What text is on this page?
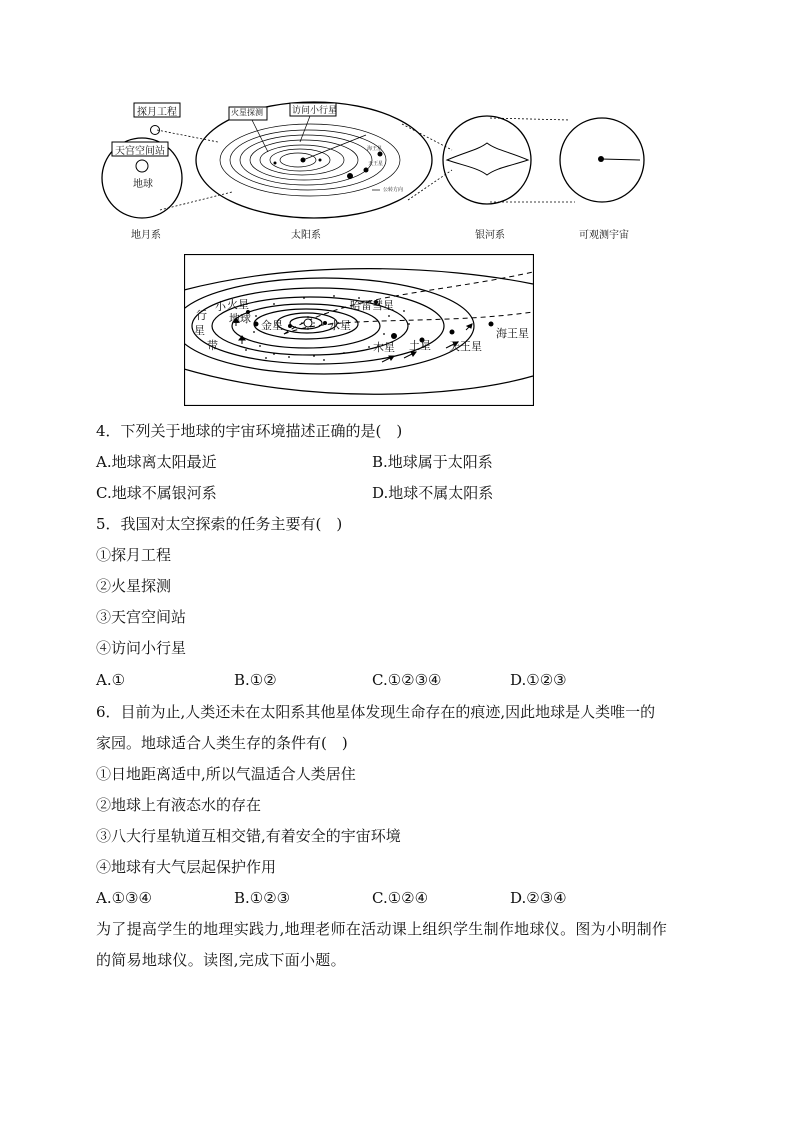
探月工程
天宫空间站
地球
火星探测	访问小行星
海王星
天王星
公转方向
地月系	太阳系	银河系	可观测宇宙
小
行
星
带
火星
地球
金星	水星
哈雷彗星
木星 土星 天王星
海王星
4．下列关于地球的宇宙环境描述正确的是(　)
A.地球离太阳最近	B.地球属于太阳系
C.地球不属银河系	D.地球不属太阳系
5．我国对太空探索的任务主要有(　)
①探月工程
②火星探测
③天宫空间站
④访问小行星
A.①	B.①②	C.①②③④	D.①②③
6．目前为止,人类还未在太阳系其他星体发现生命存在的痕迹,因此地球是人类唯一的
家园。地球适合人类生存的条件有(　)
①日地距离适中,所以气温适合人类居住
②地球上有液态水的存在
③八大行星轨道互相交错,有着安全的宇宙环境
④地球有大气层起保护作用
A.①③④	B.①②③	C.①②④	D.②③④
为了提高学生的地理实践力,地理老师在活动课上组织学生制作地球仪。图为小明制作
的简易地球仪。读图,完成下面小题。
